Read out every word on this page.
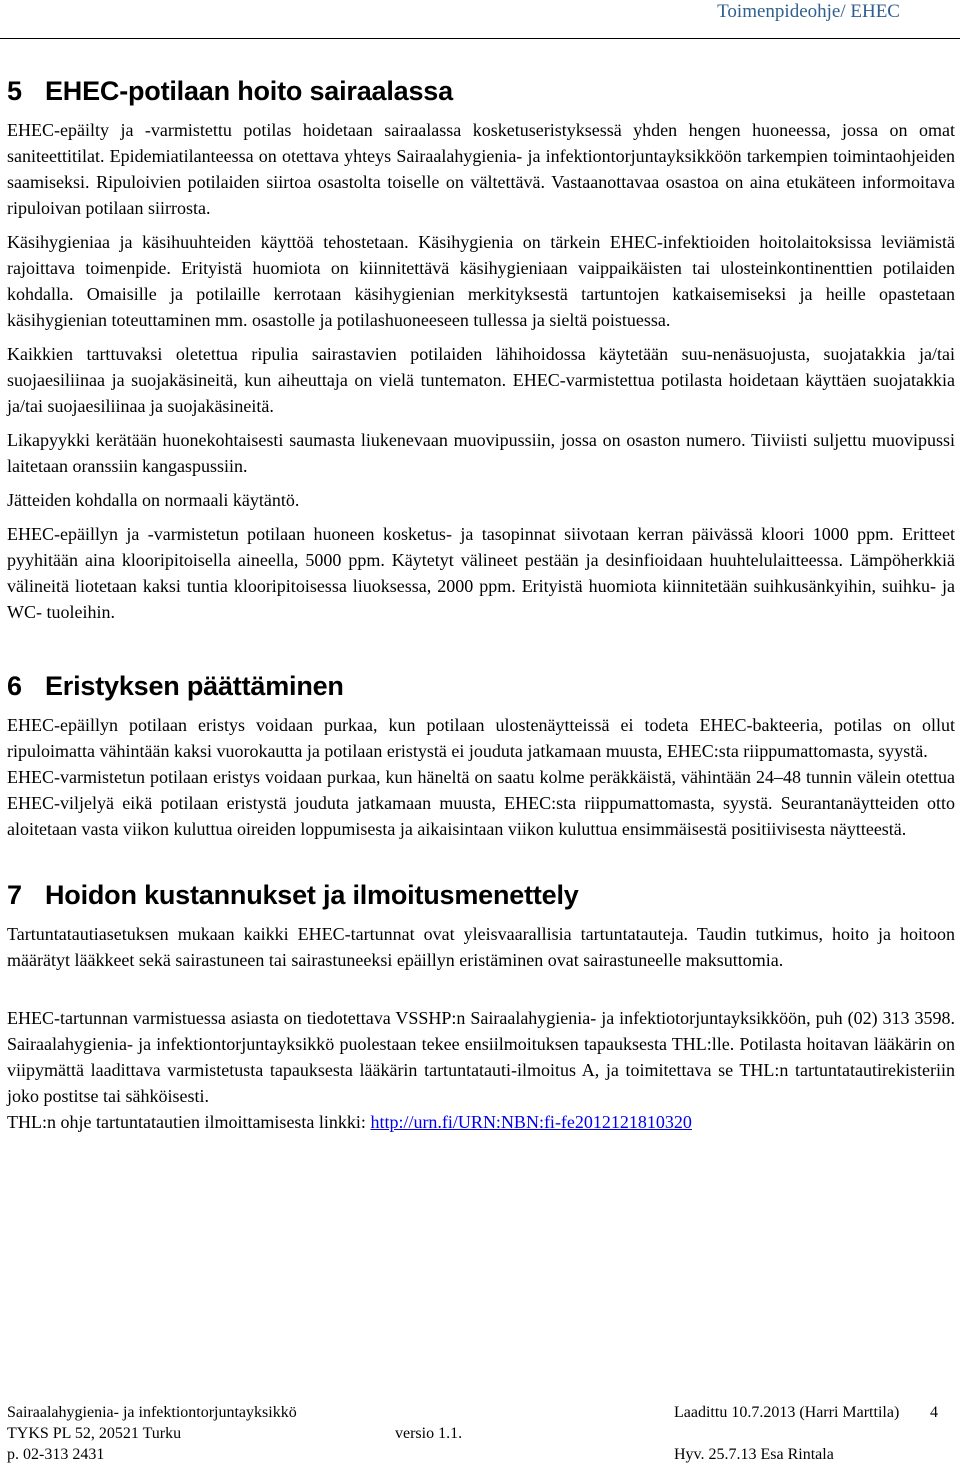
Toimenpideohje/ EHEC
5 EHEC-potilaan hoito sairaalassa

EHEC-epäilty ja -varmistettu potilas hoidetaan sairaalassa kosketuseristyksessä yhden hengen huoneessa, jossa on omat saniteettitilat. Epidemiatilanteessa on otettava yhteys Sairaalahygienia- ja infektiontorjuntayksikköön tarkempien toimintaohjeiden saamiseksi. Ripuloivien potilaiden siirtoa osastolta toiselle on vältettävä. Vastaanottavaa osastoa on aina etukäteen informoitava ripuloivan potilaan siirrosta.

Käsihygieniaa ja käsihuuhteiden käyttöä tehostetaan. Käsihygienia on tärkein EHEC-infektioiden hoitolaitoksissa leviämistä rajoittava toimenpide. Erityistä huomiota on kiinnitettävä käsihygieniaan vaippaikäisten tai ulosteinkontinenttien potilaiden kohdalla. Omaisille ja potilaille kerrotaan käsihygienian merkityksestä tartuntojen katkaisemiseksi ja heille opastetaan käsihygienian toteuttaminen mm. osastolle ja potilashuoneeseen tullessa ja sieltä poistuessa.

Kaikkien tarttuvaksi oletettua ripulia sairastavien potilaiden lähihoidossa käytetään suu-nenäsuojusta, suojatakkia ja/tai suojaesiliinaa ja suojakäsineitä, kun aiheuttaja on vielä tuntematon. EHEC-varmistettua potilasta hoidetaan käyttäen suojatakkia ja/tai suojaesiliinaa ja suojakäsineitä.

Likapyykki kerätään huonekohtaisesti saumasta liukenevaan muovipussiin, jossa on osaston numero. Tiiviisti suljettu muovipussi laitetaan oranssiin kangaspussiin.

Jätteiden kohdalla on normaali käytäntö.

EHEC-epäillyn ja -varmistetun potilaan huoneen kosketus- ja tasopinnat siivotaan kerran päivässä kloori 1000 ppm. Eritteet pyyhitään aina klooripitoisella aineella, 5000 ppm. Käytetyt välineet pestään ja desinfioidaan huuhtelulaitteessa. Lämpöherkkiä välineitä liotetaan kaksi tuntia klooripitoisessa liuoksessa, 2000 ppm. Erityistä huomiota kiinnitetään suihkusänkyihin, suihku- ja WC- tuoleihin.

6 Eristyksen päättäminen

EHEC-epäillyn potilaan eristys voidaan purkaa, kun potilaan ulostenäytteissä ei todeta EHEC-bakteeria, potilas on ollut ripuloimatta vähintään kaksi vuorokautta ja potilaan eristystä ei jouduta jatkamaan muusta, EHEC:sta riippumattomasta, syystä.

EHEC-varmistetun potilaan eristys voidaan purkaa, kun häneltä on saatu kolme peräkkäistä, vähintään 24–48 tunnin välein otettua EHEC-viljelyä eikä potilaan eristystä jouduta jatkamaan muusta, EHEC:sta riippumattomasta, syystä. Seurantanäytteiden otto aloitetaan vasta viikon kuluttua oireiden loppumisesta ja aikaisintaan viikon kuluttua ensimmäisestä positiivisesta näytteestä.

7 Hoidon kustannukset ja ilmoitusmenettely

Tartuntatautiasetuksen mukaan kaikki EHEC-tartunnat ovat yleisvaarallisia tartuntatauteja. Taudin tutkimus, hoito ja hoitoon määrätyt lääkkeet sekä sairastuneen tai sairastuneeksi epäillyn eristäminen ovat sairastuneelle maksuttomia.

EHEC-tartunnan varmistuessa asiasta on tiedotettava VSSHP:n Sairaalahygienia- ja infektiotorjuntayksikköön, puh (02) 313 3598. Sairaalahygienia- ja infektiontorjuntayksikkö puolestaan tekee ensiilmoituksen tapauksesta THL:lle. Potilasta hoitavan lääkärin on viipymättä laadittava varmistetusta tapauksesta lääkärin tartuntatauti-ilmoitus A, ja toimitettava se THL:n tartuntatautirekisteriin joko postitse tai sähköisesti.

THL:n ohje tartuntatautien ilmoittamisesta linkki: http://urn.fi/URN:NBN:fi-fe2012121810320

Sairaalahygienia- ja infektiontorjuntayksikkö	Laadittu 10.7.2013 (Harri Marttila) 4
TYKS PL 52, 20521 Turku	versio 1.1.
p. 02-313 2431	Hyv. 25.7.13 Esa Rintala
